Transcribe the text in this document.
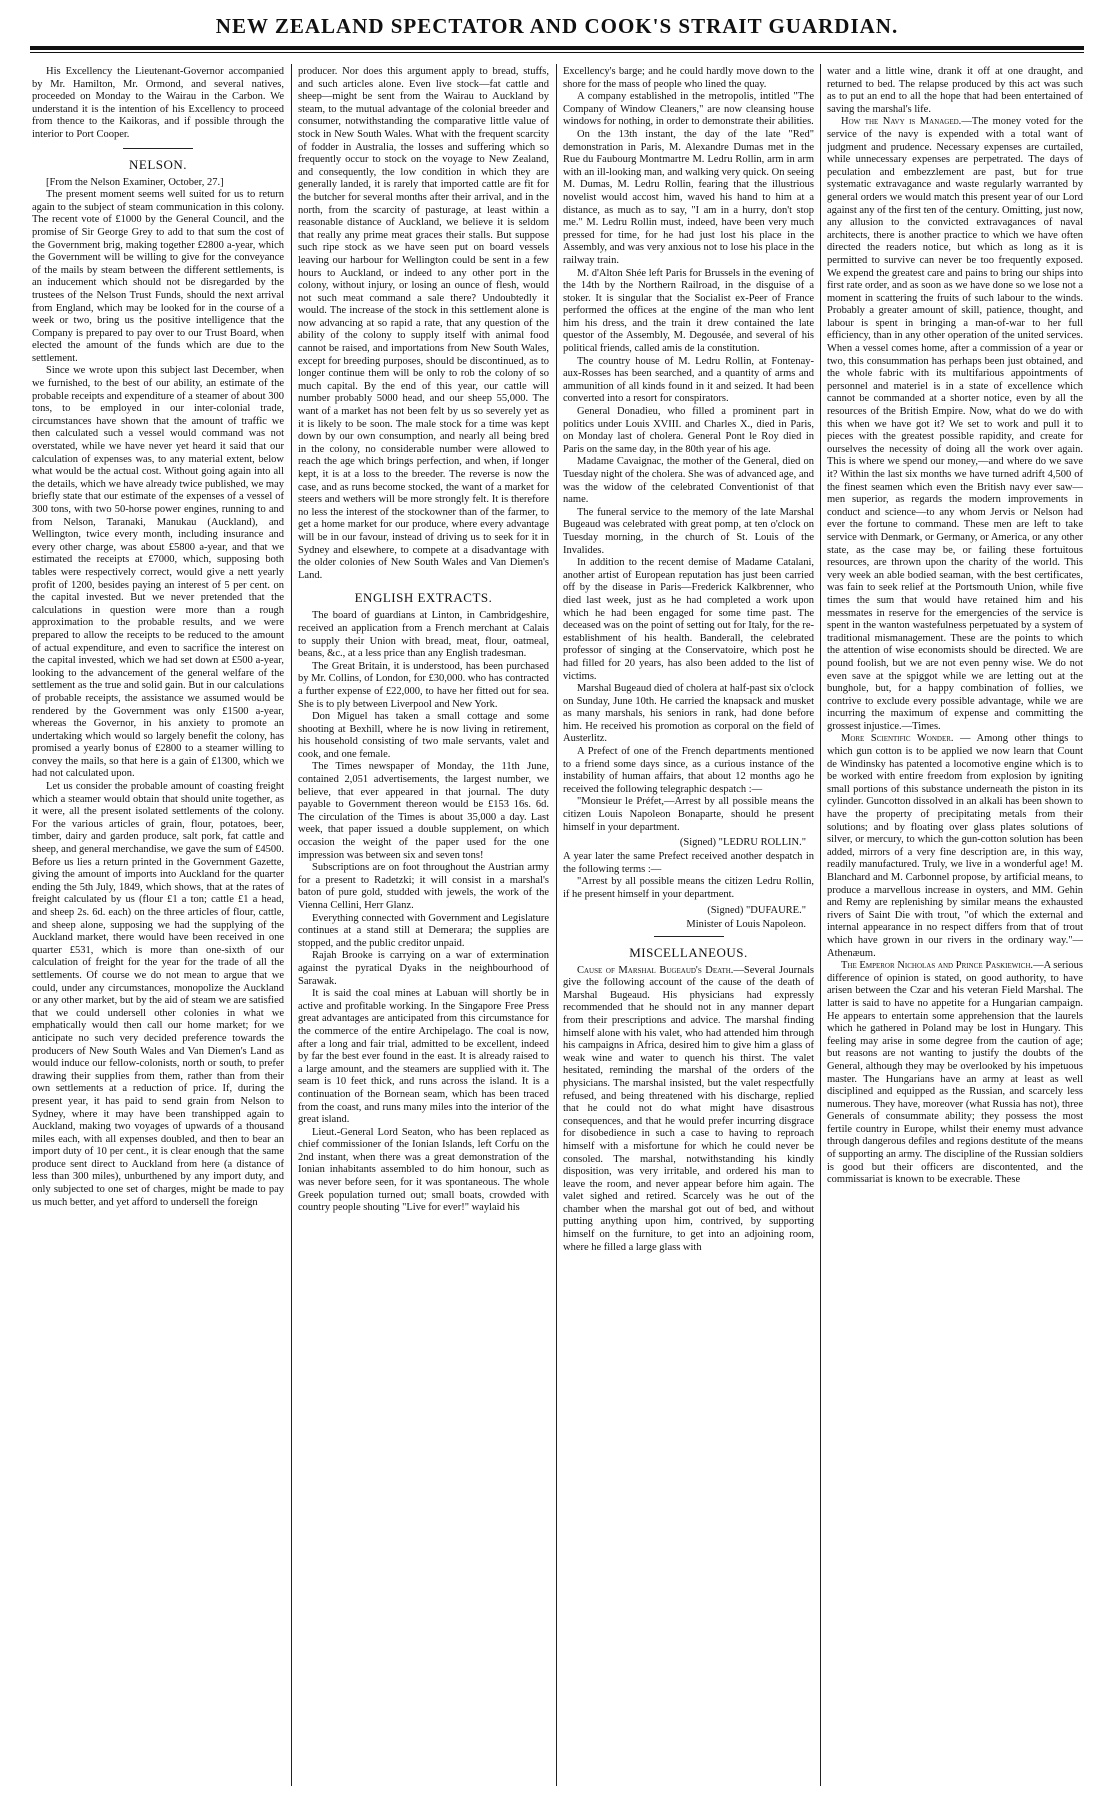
NEW ZEALAND SPECTATOR AND COOK'S STRAIT GUARDIAN.

His Excellency the Lieutenant-Governor accompanied by Mr. Hamilton, Mr. Ormond, and several natives, proceeded on Monday to the Wairau in the Carbon. We understand it is the intention of his Excellency to proceed from thence to the Kaikoras, and if possible through the interior to Port Cooper.

NELSON.

[From the Nelson Examiner, October, 27.]

The present moment seems well suited for us to return again to the subject of steam communication in this colony. The recent vote of £1000 by the General Council, and the promise of Sir George Grey to add to that sum the cost of the Government brig, making together £2800 a-year, which the Government will be willing to give for the conveyance of the mails by steam between the different settlements, is an inducement which should not be disregarded by the trustees of the Nelson Trust Funds, should the next arrival from England, which may be looked for in the course of a week or two, bring us the positive intelligence that the Company is prepared to pay over to our Trust Board, when elected the amount of the funds which are due to the settlement.

Since we wrote upon this subject last December, when we furnished, to the best of our ability, an estimate of the probable receipts and expenditure of a steamer of about 300 tons, to be employed in our inter-colonial trade, circumstances have shown that the amount of traffic we then calculated such a vessel would command was not overstated, while we have never yet heard it said that our calculation of expenses was, to any material extent, below what would be the actual cost. Without going again into all the details, which we have already twice published, we may briefly state that our estimate of the expenses of a vessel of 300 tons, with two 50-horse power engines, running to and from Nelson, Taranaki, Manukau (Auckland), and Wellington, twice every month, including insurance and every other charge, was about £5800 a-year, and that we estimated the receipts at £7000, which, supposing both tables were respectively correct, would give a nett yearly profit of 1200, besides paying an interest of 5 per cent. on the capital invested. But we never pretended that the calculations in question were more than a rough approximation to the probable results, and we were prepared to allow the receipts to be reduced to the amount of actual expenditure, and even to sacrifice the interest on the capital invested, which we had set down at £500 a-year, looking to the advancement of the general welfare of the settlement as the true and solid gain. But in our calculations of probable receipts, the assistance we assumed would be rendered by the Government was only £1500 a-year, whereas the Governor, in his anxiety to promote an undertaking which would so largely benefit the colony, has promised a yearly bonus of £2800 to a steamer willing to convey the mails, so that here is a gain of £1300, which we had not calculated upon.

Let us consider the probable amount of coasting freight which a steamer would obtain that should unite together, as it were, all the present isolated settlements of the colony. For the various articles of grain, flour, potatoes, beer, timber, dairy and garden produce, salt pork, fat cattle and sheep, and general merchandise, we gave the sum of £4500. Before us lies a return printed in the Government Gazette, giving the amount of imports into Auckland for the quarter ending the 5th July, 1849, which shows, that at the rates of freight calculated by us (flour £1 a ton; cattle £1 a head, and sheep 2s. 6d. each) on the three articles of flour, cattle, and sheep alone, supposing we had the supplying of the Auckland market, there would have been received in one quarter £531, which is more than one-sixth of our calculation of freight for the year for the trade of all the settlements. Of course we do not mean to argue that we could, under any circumstances, monopolize the Auckland or any other market, but by the aid of steam we are satisfied that we could undersell other colonies in what we emphatically would then call our home market; for we anticipate no such very decided preference towards the producers of New South Wales and Van Diemen's Land as would induce our fellow-colonists, north or south, to prefer drawing their supplies from them, rather than from their own settlements at a reduction of price. If, during the present year, it has paid to send grain from Nelson to Sydney, where it may have been transhipped again to Auckland, making two voyages of upwards of a thousand miles each, with all expenses doubled, and then to bear an import duty of 10 per cent., it is clear enough that the same produce sent direct to Auckland from here (a distance of less than 300 miles), unburthened by any import duty, and only subjected to one set of charges, might be made to pay us much better, and yet afford to undersell the foreign

producer. Nor does this argument apply to bread, stuffs, and such articles alone. Even live stock—fat cattle and sheep—might be sent from the Wairau to Auckland by steam, to the mutual advantage of the colonial breeder and consumer, notwithstanding the comparative little value of stock in New South Wales. What with the frequent scarcity of fodder in Australia, the losses and suffering which so frequently occur to stock on the voyage to New Zealand, and consequently, the low condition in which they are generally landed, it is rarely that imported cattle are fit for the butcher for several months after their arrival, and in the north, from the scarcity of pasturage, at least within a reasonable distance of Auckland, we believe it is seldom that really any prime meat graces their stalls. But suppose such ripe stock as we have seen put on board vessels leaving our harbour for Wellington could be sent in a few hours to Auckland, or indeed to any other port in the colony, without injury, or losing an ounce of flesh, would not such meat command a sale there? Undoubtedly it would. The increase of the stock in this settlement alone is now advancing at so rapid a rate, that any question of the ability of the colony to supply itself with animal food cannot be raised, and importations from New South Wales, except for breeding purposes, should be discontinued, as to longer continue them will be only to rob the colony of so much capital. By the end of this year, our cattle will number probably 5000 head, and our sheep 55,000. The want of a market has not been felt by us so severely yet as it is likely to be soon. The male stock for a time was kept down by our own consumption, and nearly all being bred in the colony, no considerable number were allowed to reach the age which brings perfection, and when, if longer kept, it is at a loss to the breeder. The reverse is now the case, and as runs become stocked, the want of a market for steers and wethers will be more strongly felt. It is therefore no less the interest of the stockowner than of the farmer, to get a home market for our produce, where every advantage will be in our favour, instead of driving us to seek for it in Sydney and elsewhere, to compete at a disadvantage with the older colonies of New South Wales and Van Diemen's Land.

ENGLISH EXTRACTS.

The board of guardians at Linton, in Cambridgeshire, received an application from a French merchant at Calais to supply their Union with bread, meat, flour, oatmeal, beans, &c., at a less price than any English tradesman.

The Great Britain, it is understood, has been purchased by Mr. Collins, of London, for £30,000. who has contracted a further expense of £22,000, to have her fitted out for sea. She is to ply between Liverpool and New York.

Don Miguel has taken a small cottage and some shooting at Bexhill, where he is now living in retirement, his household consisting of two male servants, valet and cook, and one female.

The Times newspaper of Monday, the 11th June, contained 2,051 advertisements, the largest number, we believe, that ever appeared in that journal. The duty payable to Government thereon would be £153 16s. 6d. The circulation of the Times is about 35,000 a day. Last week, that paper issued a double supplement, on which occasion the weight of the paper used for the one impression was between six and seven tons!

Subscriptions are on foot throughout the Austrian army for a present to Radetzki; it will consist in a marshal's baton of pure gold, studded with jewels, the work of the Vienna Cellini, Herr Glanz.

Everything connected with Government and Legislature continues at a stand still at Demerara; the supplies are stopped, and the public creditor unpaid.

Rajah Brooke is carrying on a war of extermination against the pyratical Dyaks in the neighbourhood of Sarawak.

It is said the coal mines at Labuan will shortly be in active and profitable working. In the Singapore Free Press great advantages are anticipated from this circumstance for the commerce of the entire Archipelago. The coal is now, after a long and fair trial, admitted to be excellent, indeed by far the best ever found in the east. It is already raised to a large amount, and the steamers are supplied with it. The seam is 10 feet thick, and runs across the island. It is a continuation of the Bornean seam, which has been traced from the coast, and runs many miles into the interior of the great island.

Lieut.-General Lord Seaton, who has been replaced as chief commissioner of the Ionian Islands, left Corfu on the 2nd instant, when there was a great demonstration of the Ionian inhabitants assembled to do him honour, such as was never before seen, for it was spontaneous. The whole Greek population turned out; small boats, crowded with country people shouting "Live for ever!" waylaid his

Excellency's barge; and he could hardly move down to the shore for the mass of people who lined the quay.

A company established in the metropolis, intitled "The Company of Window Cleaners," are now cleansing house windows for nothing, in order to demonstrate their abilities.

On the 13th instant, the day of the late "Red" demonstration in Paris, M. Alexandre Dumas met in the Rue du Faubourg Montmartre M. Ledru Rollin, arm in arm with an ill-looking man, and walking very quick. On seeing M. Dumas, M. Ledru Rollin, fearing that the illustrious novelist would accost him, waved his hand to him at a distance, as much as to say, "I am in a hurry, don't stop me." M. Ledru Rollin must, indeed, have been very much pressed for time, for he had just lost his place in the Assembly, and was very anxious not to lose his place in the railway train.

M. d'Alton Shée left Paris for Brussels in the evening of the 14th by the Northern Railroad, in the disguise of a stoker. It is singular that the Socialist ex-Peer of France performed the offices at the engine of the man who lent him his dress, and the train it drew contained the late questor of the Assembly, M. Degousée, and several of his political friends, called amis de la constitution.

The country house of M. Ledru Rollin, at Fontenay-aux-Rosses has been searched, and a quantity of arms and ammunition of all kinds found in it and seized. It had been converted into a resort for conspirators.

General Donadieu, who filled a prominent part in politics under Louis XVIII. and Charles X., died in Paris, on Monday last of cholera. General Pont le Roy died in Paris on the same day, in the 80th year of his age.

Madame Cavaignac, the mother of the General, died on Tuesday night of the cholera. She was of advanced age, and was the widow of the celebrated Conventionist of that name.

The funeral service to the memory of the late Marshal Bugeaud was celebrated with great pomp, at ten o'clock on Tuesday morning, in the church of St. Louis of the Invalides.

In addition to the recent demise of Madame Catalani, another artist of European reputation has just been carried off by the disease in Paris—Frederick Kalkbrenner, who died last week, just as he had completed a work upon which he had been engaged for some time past. The deceased was on the point of setting out for Italy, for the re-establishment of his health. Banderall, the celebrated professor of singing at the Conservatoire, which post he had filled for 20 years, has also been added to the list of victims.

Marshal Bugeaud died of cholera at half-past six o'clock on Sunday, June 10th. He carried the knapsack and musket as many marshals, his seniors in rank, had done before him. He received his promotion as corporal on the field of Austerlitz.

A Prefect of one of the French departments mentioned to a friend some days since, as a curious instance of the instability of human affairs, that about 12 months ago he received the following telegraphic despatch :—

"Monsieur le Préfet,—Arrest by all possible means the citizen Louis Napoleon Bonaparte, should he present himself in your department.

(Signed) "LEDRU ROLLIN."

A year later the same Prefect received another despatch in the following terms :—

"Arrest by all possible means the citizen Ledru Rollin, if he present himself in your department.

(Signed) "DUFAURE."
Minister of Louis Napoleon.
MISCELLANEOUS.

Cause of Marshal Bugeaud's Death.—Several Journals give the following account of the cause of the death of Marshal Bugeaud. His physicians had expressly recommended that he should not in any manner depart from their prescriptions and advice. The marshal finding himself alone with his valet, who had attended him through his campaigns in Africa, desired him to give him a glass of weak wine and water to quench his thirst. The valet hesitated, reminding the marshal of the orders of the physicians. The marshal insisted, but the valet respectfully refused, and being threatened with his discharge, replied that he could not do what might have disastrous consequences, and that he would prefer incurring disgrace for disobedience in such a case to having to reproach himself with a misfortune for which he could never be consoled. The marshal, notwithstanding his kindly disposition, was very irritable, and ordered his man to leave the room, and never appear before him again. The valet sighed and retired. Scarcely was he out of the chamber when the marshal got out of bed, and without putting anything upon him, contrived, by supporting himself on the furniture, to get into an adjoining room, where he filled a large glass with

water and a little wine, drank it off at one draught, and returned to bed. The relapse produced by this act was such as to put an end to all the hope that had been entertained of saving the marshal's life.

How the Navy is Managed.—The money voted for the service of the navy is expended with a total want of judgment and prudence. Necessary expenses are curtailed, while unnecessary expenses are perpetrated. The days of peculation and embezzlement are past, but for true systematic extravagance and waste regularly warranted by general orders we would match this present year of our Lord against any of the first ten of the century. Omitting, just now, any allusion to the convicted extravagances of naval architects, there is another practice to which we have often directed the readers notice, but which as long as it is permitted to survive can never be too frequently exposed. We expend the greatest care and pains to bring our ships into first rate order, and as soon as we have done so we lose not a moment in scattering the fruits of such labour to the winds. Probably a greater amount of skill, patience, thought, and labour is spent in bringing a man-of-war to her full efficiency, than in any other operation of the united services. When a vessel comes home, after a commission of a year or two, this consummation has perhaps been just obtained, and the whole fabric with its multifarious appointments of personnel and materiel is in a state of excellence which cannot be commanded at a shorter notice, even by all the resources of the British Empire. Now, what do we do with this when we have got it? We set to work and pull it to pieces with the greatest possible rapidity, and create for ourselves the necessity of doing all the work over again. This is where we spend our money,—and where do we save it? Within the last six months we have turned adrift 4,500 of the finest seamen which even the British navy ever saw— men superior, as regards the modern improvements in conduct and science—to any whom Jervis or Nelson had ever the fortune to command. These men are left to take service with Denmark, or Germany, or America, or any other state, as the case may be, or failing these fortuitous resources, are thrown upon the charity of the world. This very week an able bodied seaman, with the best certificates, was fain to seek relief at the Portsmouth Union, while five times the sum that would have retained him and his messmates in reserve for the emergencies of the service is spent in the wanton wastefulness perpetuated by a system of traditional mismanagement. These are the points to which the attention of wise economists should be directed. We are pound foolish, but we are not even penny wise. We do not even save at the spiggot while we are letting out at the bunghole, but, for a happy combination of follies, we contrive to exclude every possible advantage, while we are incurring the maximum of expense and committing the grossest injustice.—Times.

More Scientific Wonder. — Among other things to which gun cotton is to be applied we now learn that Count de Windinsky has patented a locomotive engine which is to be worked with entire freedom from explosion by igniting small portions of this substance underneath the piston in its cylinder. Guncotton dissolved in an alkali has been shown to have the property of precipitating metals from their solutions; and by floating over glass plates solutions of silver, or mercury, to which the gun-cotton solution has been added, mirrors of a very fine description are, in this way, readily manufactured. Truly, we live in a wonderful age! M. Blanchard and M. Carbonnel propose, by artificial means, to produce a marvellous increase in oysters, and MM. Gehin and Remy are replenishing by similar means the exhausted rivers of Saint Die with trout, "of which the external and internal appearance in no respect differs from that of trout which have grown in our rivers in the ordinary way."—Athenæum.

The Emperor Nicholas and Prince Paskiewich.—A serious difference of opinion is stated, on good authority, to have arisen between the Czar and his veteran Field Marshal. The latter is said to have no appetite for a Hungarian campaign. He appears to entertain some apprehension that the laurels which he gathered in Poland may be lost in Hungary. This feeling may arise in some degree from the caution of age; but reasons are not wanting to justify the doubts of the General, although they may be overlooked by his impetuous master. The Hungarians have an army at least as well disciplined and equipped as the Russian, and scarcely less numerous. They have, moreover (what Russia has not), three Generals of consummate ability; they possess the most fertile country in Europe, whilst their enemy must advance through dangerous defiles and regions destitute of the means of supporting an army. The discipline of the Russian soldiers is good but their officers are discontented, and the commissariat is known to be execrable. These
